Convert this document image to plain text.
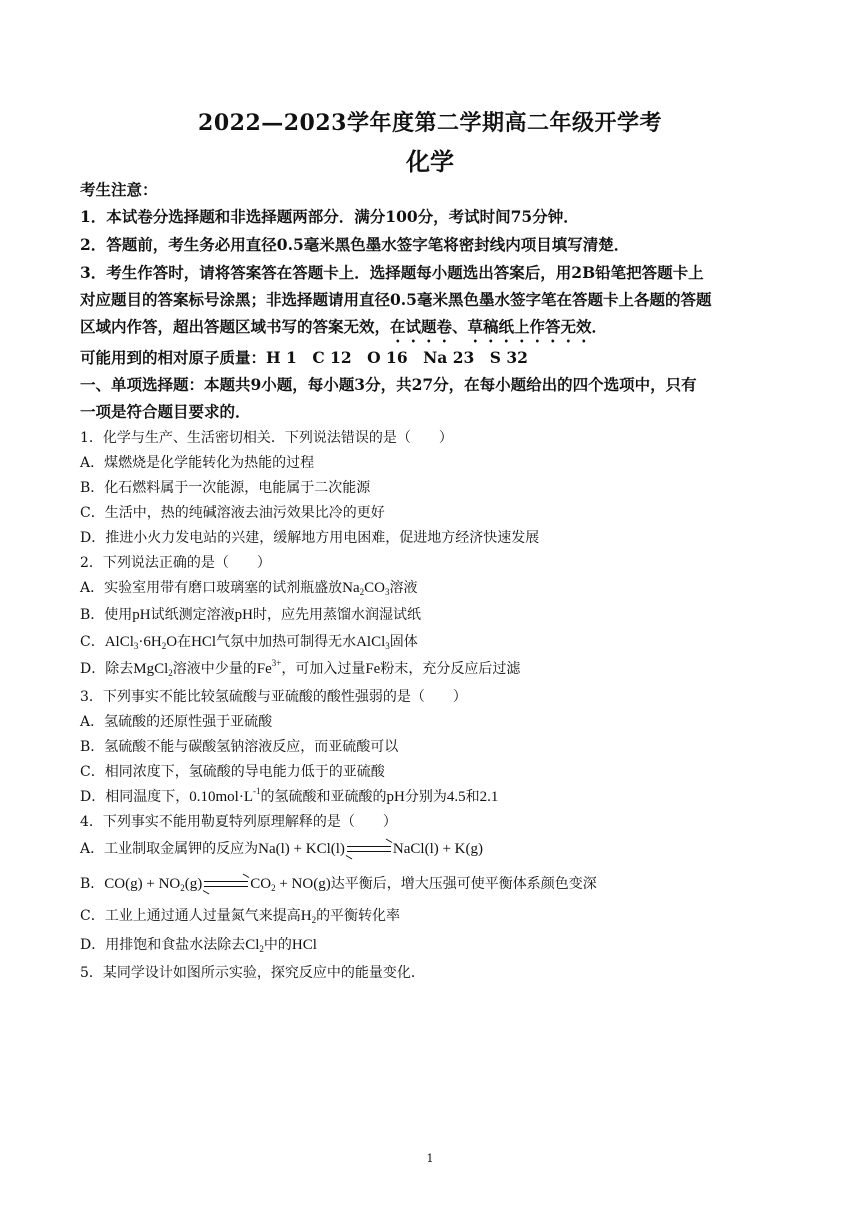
2022—2023学年度第二学期高二年级开学考
化学
考生注意：
1．本试卷分选择题和非选择题两部分．满分100分，考试时间75分钟．
2．答题前，考生务必用直径0.5毫米黑色墨水签字笔将密封线内项目填写清楚．
3．考生作答时，请将答案答在答题卡上．选择题每小题选出答案后，用2B铅笔把答题卡上
对应题目的答案标号涂黑；非选择题请用直径0.5毫米黑色墨水签字笔在答题卡上各题的答题
区域内作答，超出答题区域书写的答案无效，在试题卷、草稿纸上作答无效．
可能用到的相对原子质量：H 1　C 12　O 16　Na 23　S 32
一、单项选择题：本题共9小题，每小题3分，共27分，在每小题给出的四个选项中，只有
一项是符合题目要求的．
1．化学与生产、生活密切相关．下列说法错误的是（　　）
A．煤燃烧是化学能转化为热能的过程
B．化石燃料属于一次能源，电能属于二次能源
C．生活中，热的纯碱溶液去油污效果比冷的更好
D．推进小火力发电站的兴建，缓解地方用电困难，促进地方经济快速发展
2．下列说法正确的是（　　）
A．实验室用带有磨口玻璃塞的试剂瓶盛放$Na_2CO_3$溶液
B．使用pH试纸测定溶液pH时，应先用蒸馏水润湿试纸
C．$AlCl_3\cdot 6H_2O$在HCl气氛中加热可制得无水AlCl$_3$固体
D．除去MgCl$_2$溶液中少量的$Fe^{3+}$，可加入过量Fe粉末，充分反应后过滤
3．下列事实不能比较氢硫酸与亚硫酸的酸性强弱的是（　　）
A．氢硫酸的还原性强于亚硫酸
B．氢硫酸不能与碳酸氢钠溶液反应，而亚硫酸可以
C．相同浓度下，氢硫酸的导电能力低于的亚硫酸
D．相同温度下，$0.10mol\cdot L^{-1}$的氢硫酸和亚硫酸的pH分别为4.5和2.1
4．下列事实不能用勒夏特列原理解释的是（　　）
A．工业制取金属钾的反应为Na(l) + KCl(l) ⇌ NaCl(l) + K(g)
B．$CO(g) + NO_2(g)$ ⇌ $CO_2 + NO(g)$达平衡后，增大压强可使平衡体系颜色变深
C．工业上通过通人过量氮气来提高$H_2$的平衡转化率
D．用排饱和食盐水法除去$Cl_2$中的HCl
5．某同学设计如图所示实验，探究反应中的能量变化．
1
